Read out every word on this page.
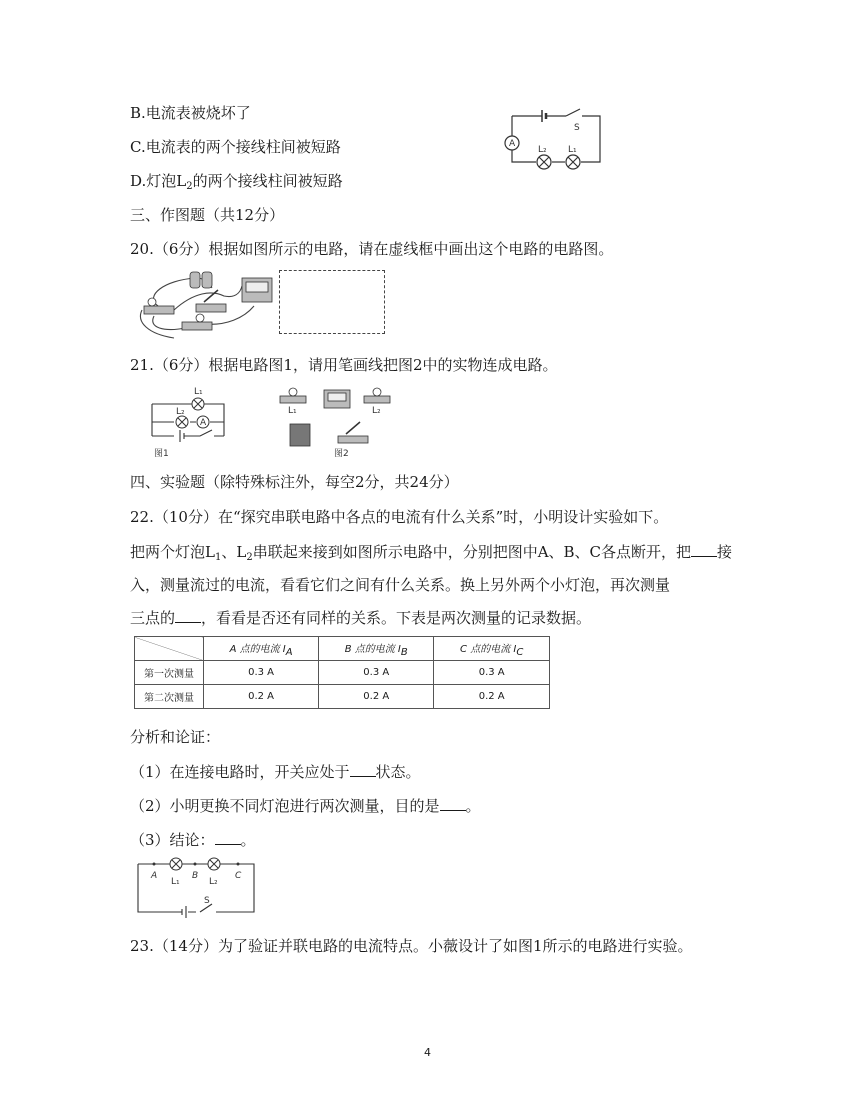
B.电流表被烧坏了
C.电流表的两个接线柱间被短路
D.灯泡$L_2$的两个接线柱间被短路
A
S
L₂ L₁
三、作图题（共12分）
20.（6分）根据如图所示的电路，请在虚线框中画出这个电路的电路图。
21.（6分）根据电路图1，请用笔画线把图2中的实物连成电路。
A
L₁
L₂
图1
L₁	L₂
图2
四、实验题（除特殊标注外，每空2分，共24分）
22.（10分）在“探究串联电路中各点的电流有什么关系”时，小明设计实验如下。
把两个灯泡$L_1$、$L_2$串联起来接到如图所示电路中，分别把图中A、B、C各点断开，把 接
入，测量流过的电流，看看它们之间有什么关系。换上另外两个小灯泡，再次测量
三点的 ，看看是否还有同样的关系。下表是两次测量的记录数据。
	A 点的电流 $I_A$	B 点的电流 $I_B$	C 点的电流 $I_C$
第一次测量	0.3 A	0.3 A	0.3 A
第二次测量	0.2 A	0.2 A	0.2 A
分析和论证：
（1）在连接电路时，开关应处于 状态。
（2）小明更换不同灯泡进行两次测量，目的是 。
（3）结论： 。
A	B	C
L₁	L₂
S
23.（14分）为了验证并联电路的电流特点。小薇设计了如图1所示的电路进行实验。
4
